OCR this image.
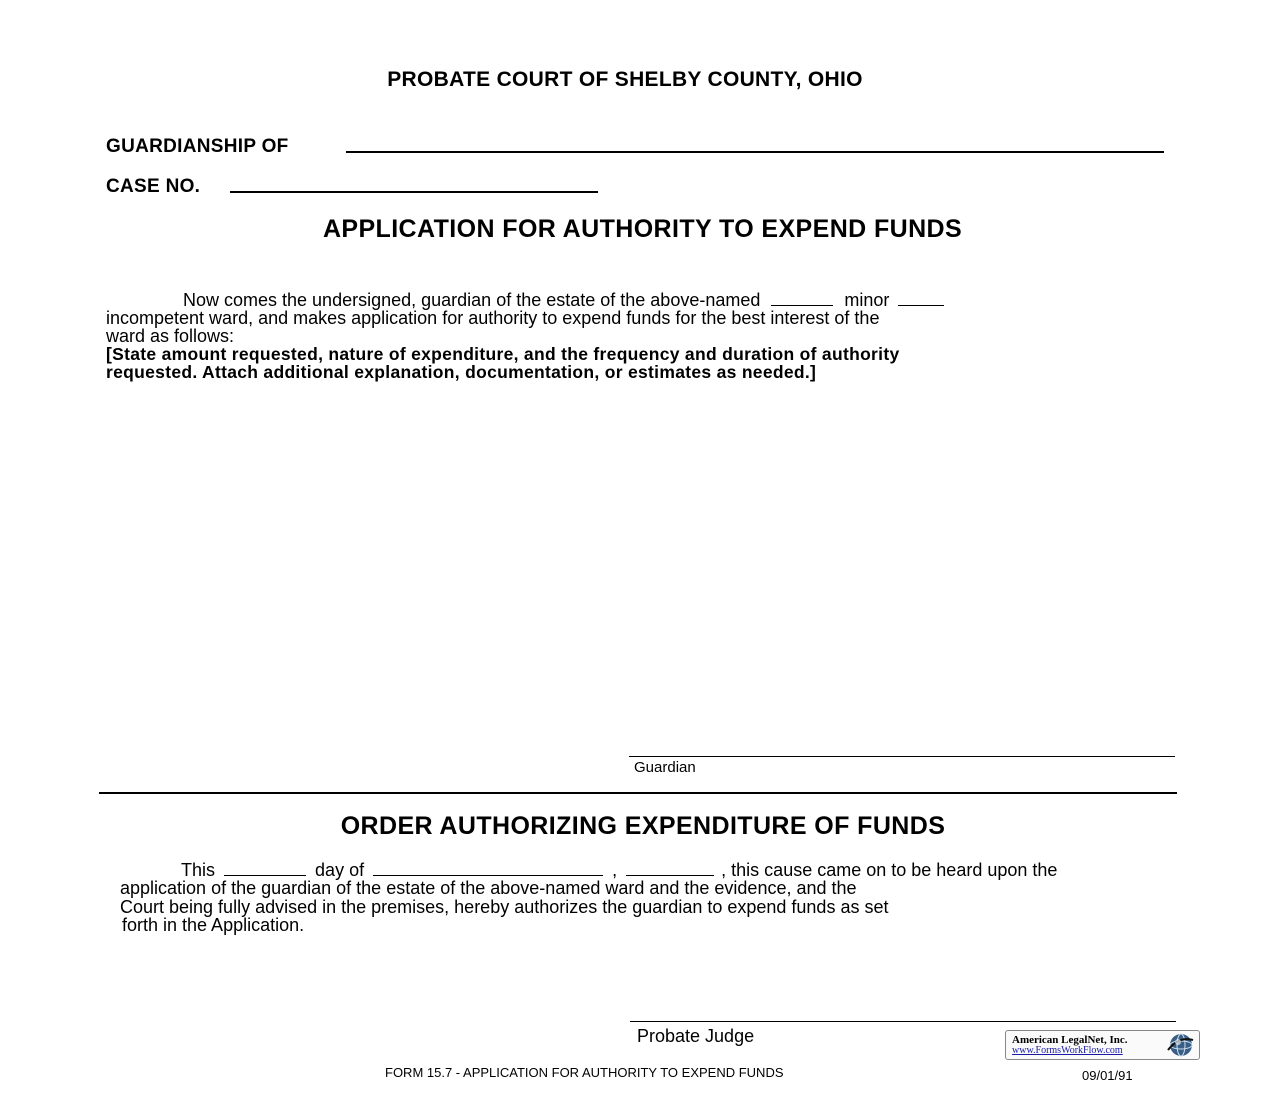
PROBATE COURT OF SHELBY COUNTY, OHIO
GUARDIANSHIP OF
CASE NO.
APPLICATION FOR AUTHORITY TO EXPEND FUNDS
Now comes the undersigned, guardian of the estate of the above-named	minor
incompetent ward, and makes application for authority to expend funds for the best interest of the
ward as follows:
[State amount requested, nature of expenditure, and the frequency and duration of authority
requested. Attach additional explanation, documentation, or estimates as needed.]
Guardian
ORDER AUTHORIZING EXPENDITURE OF FUNDS
This	day of	,	, this cause came on to be heard upon the
application of the guardian of the estate of the above-named ward and the evidence, and the
Court being fully advised in the premises, hereby authorizes the guardian to expend funds as set
forth in the Application.
Probate Judge
FORM 15.7 - APPLICATION FOR AUTHORITY TO EXPEND FUNDS	09/01/91
American LegalNet, Inc.
www.FormsWorkFlow.com
